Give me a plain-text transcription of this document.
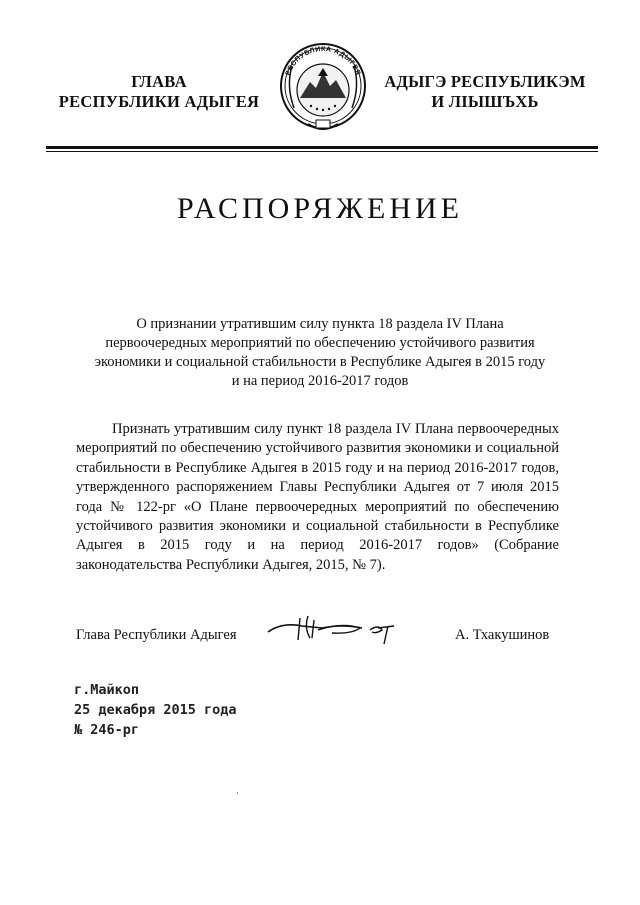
ГЛАВА
РЕСПУБЛИКИ АДЫГЕЯ
РЕСПУБЛИКА АДЫГЕЯ	АДЫГЭ РЕСПУБЛИКЭМ
И ЛІЫШЪХЬ
РАСПОРЯЖЕНИЕ
О признании утратившим силу пункта 18 раздела IV Плана
первоочередных мероприятий по обеспечению устойчивого развития
экономики и социальной стабильности в Республике Адыгея в 2015 году
и на период 2016-2017 годов
Признать утратившим силу пункт 18 раздела IV Плана первоочередных мероприятий по обеспечению устойчивого развития экономики и социальной стабильности в Республике Адыгея в 2015 году и на период 2016-2017 годов, утвержденного распоряжением Главы Республики Адыгея от 7 июля 2015 года № 122-рг «О Плане первоочередных мероприятий по обеспечению устойчивого развития экономики и социальной стабильности в Республике Адыгея в 2015 году и на период 2016-2017 годов» (Собрание законодательства Республики Адыгея, 2015, № 7).
Глава Республики Адыгея	А. Тхакушинов
г.Майкоп
25 декабря 2015 года
№ 246-рг
